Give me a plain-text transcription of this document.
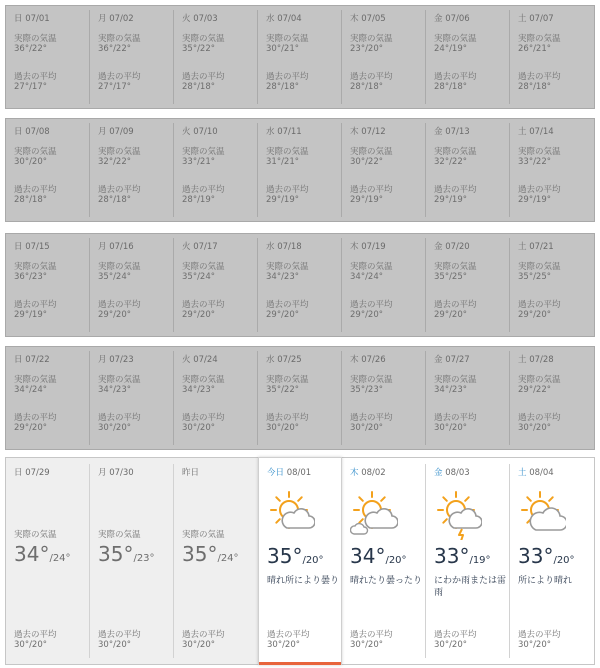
日 07/01
実際の気温
36°/22°
過去の平均
27°/17°
月 07/02
実際の気温
36°/22°
過去の平均
27°/17°
火 07/03
実際の気温
35°/22°
過去の平均
28°/18°
水 07/04
実際の気温
30°/21°
過去の平均
28°/18°
木 07/05
実際の気温
23°/20°
過去の平均
28°/18°
金 07/06
実際の気温
24°/19°
過去の平均
28°/18°
土 07/07
実際の気温
26°/21°
過去の平均
28°/18°
日 07/08
実際の気温
30°/20°
過去の平均
28°/18°
月 07/09
実際の気温
32°/22°
過去の平均
28°/18°
火 07/10
実際の気温
33°/21°
過去の平均
28°/19°
水 07/11
実際の気温
31°/21°
過去の平均
29°/19°
木 07/12
実際の気温
30°/22°
過去の平均
29°/19°
金 07/13
実際の気温
32°/22°
過去の平均
29°/19°
土 07/14
実際の気温
33°/22°
過去の平均
29°/19°
日 07/15
実際の気温
36°/23°
過去の平均
29°/19°
月 07/16
実際の気温
35°/24°
過去の平均
29°/20°
火 07/17
実際の気温
35°/24°
過去の平均
29°/20°
水 07/18
実際の気温
34°/23°
過去の平均
29°/20°
木 07/19
実際の気温
34°/24°
過去の平均
29°/20°
金 07/20
実際の気温
35°/25°
過去の平均
29°/20°
土 07/21
実際の気温
35°/25°
過去の平均
29°/20°
日 07/22
実際の気温
34°/24°
過去の平均
29°/20°
月 07/23
実際の気温
34°/23°
過去の平均
30°/20°
火 07/24
実際の気温
34°/23°
過去の平均
30°/20°
水 07/25
実際の気温
35°/22°
過去の平均
30°/20°
木 07/26
実際の気温
35°/23°
過去の平均
30°/20°
金 07/27
実際の気温
34°/23°
過去の平均
30°/20°
土 07/28
実際の気温
29°/22°
過去の平均
30°/20°
日 07/29
実際の気温
34°/24°
過去の平均
30°/20°
月 07/30
実際の気温
35°/23°
過去の平均
30°/20°
昨日
実際の気温
35°/24°
過去の平均
30°/20°
今日 08/01
35°/20°
晴れ所により曇り
過去の平均
30°/20°
木 08/02
34°/20°
晴れたり曇ったり
過去の平均
30°/20°
金 08/03
33°/19°
にわか雨または雷雨
過去の平均
30°/20°
土 08/04
33°/20°
所により晴れ
過去の平均
30°/20°
